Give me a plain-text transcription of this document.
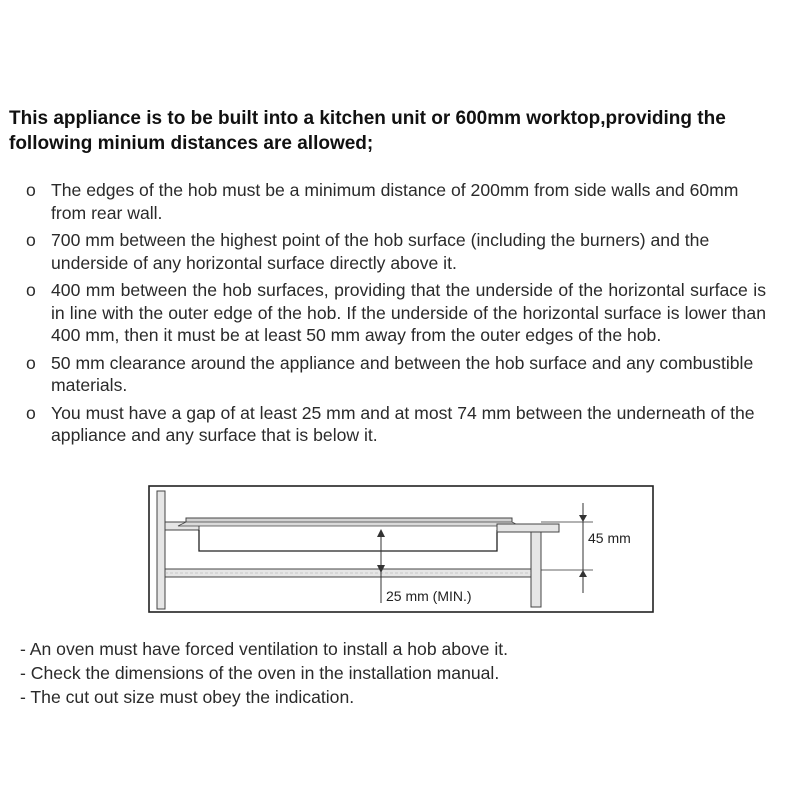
This appliance is to be built into a kitchen unit or 600mm worktop,providing the following minium distances are allowed;

o The edges of the hob must be a minimum distance of 200mm from side walls and 60mm from rear wall.
o 700 mm between the highest point of the hob surface (including the burners) and the underside of any horizontal surface directly above it.
o 400 mm between the hob surfaces, providing that the underside of the horizontal surface is in line with the outer edge of the hob. If the underside of the horizontal surface is lower than 400 mm, then it must be at least 50 mm away from the outer edges of the hob.
o 50 mm clearance around the appliance and between the hob surface and any combustible materials.
o You must have a gap of at least 25 mm and at most 74 mm between the underneath of the appliance and any surface that is below it.
25 mm (MIN.)
45 mm
- An oven must have forced ventilation to install a hob above it.
- Check the dimensions of the oven in the installation manual.
- The cut out size must obey the indication.
